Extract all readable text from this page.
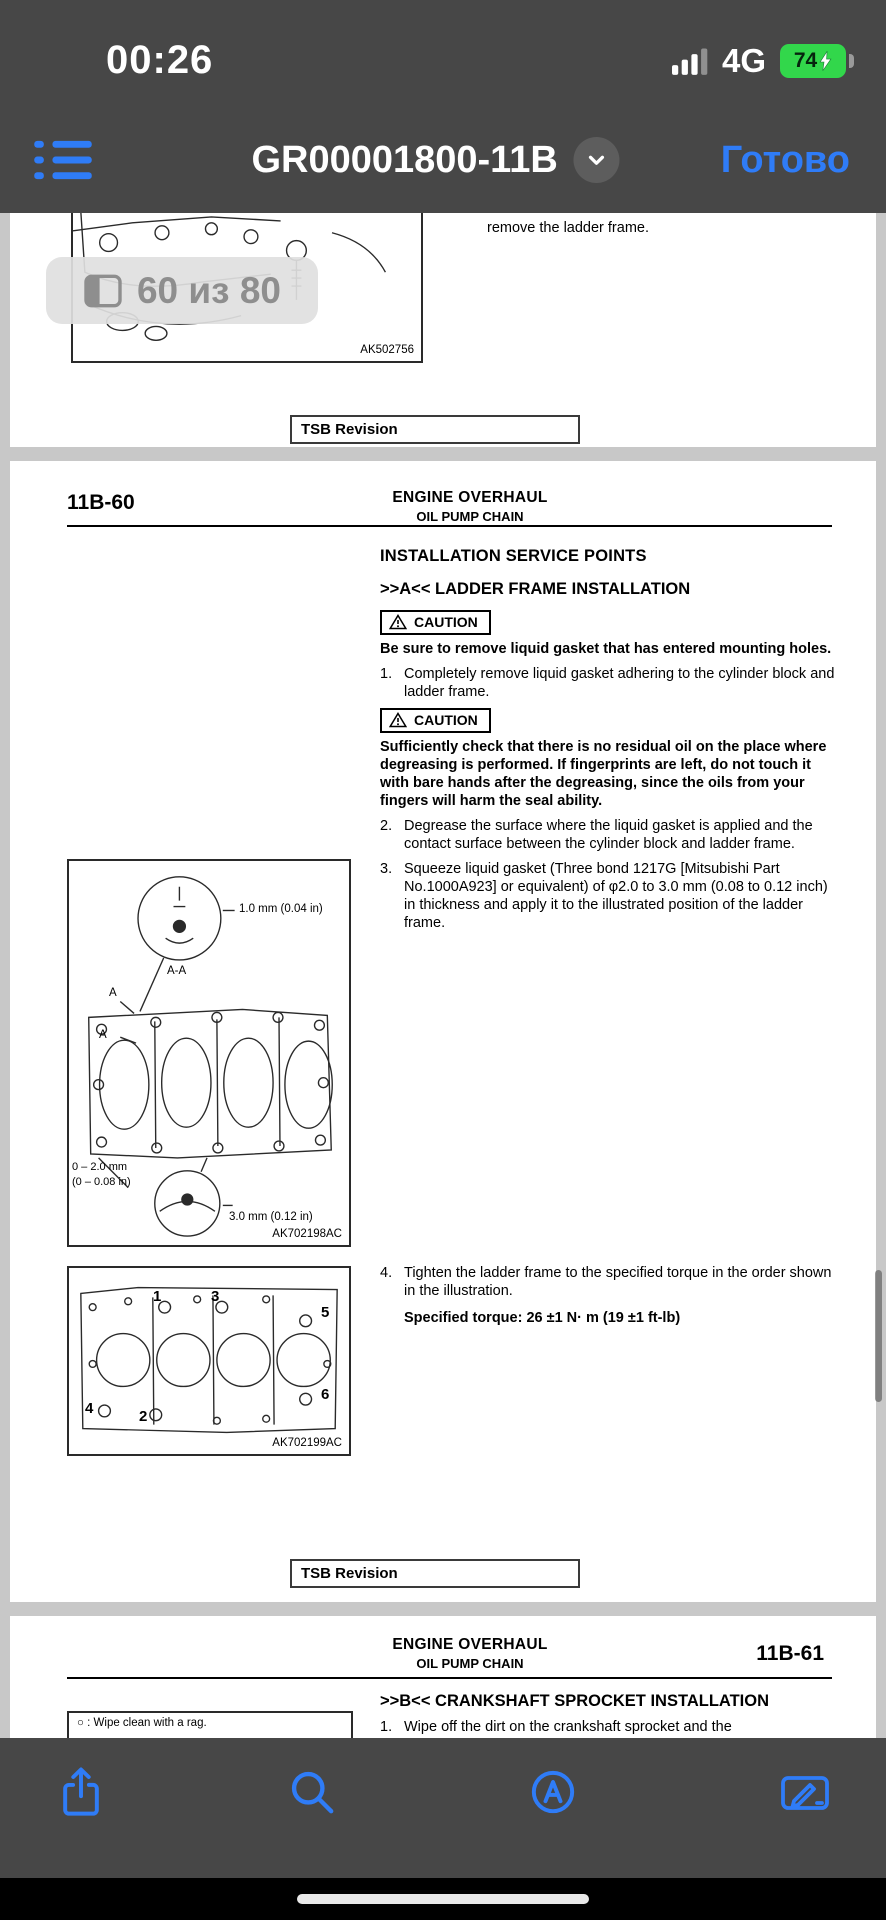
00:26	4G 74
GR00001800-11B	Готово
remove the ladder frame.
AK502756
TSB Revision
11B-60	ENGINE OVERHAUL
OIL PUMP CHAIN
INSTALLATION SERVICE POINTS
>>A<< LADDER FRAME INSTALLATION
CAUTION
Be sure to remove liquid gasket that has entered mounting holes.
1. Completely remove liquid gasket adhering to the cylinder block and ladder frame.
CAUTION
Sufficiently check that there is no residual oil on the place where degreasing is performed. If fingerprints are left, do not touch it with bare hands after the degreasing, since the oils from your fingers will harm the seal ability.
2. Degrease the surface where the liquid gasket is applied and the contact surface between the cylinder block and ladder frame.
3. Squeeze liquid gasket (Three bond 1217G [Mitsubishi Part No.1000A923] or equivalent) of φ2.0 to 3.0 mm (0.08 to 0.12 inch) in thickness and apply it to the illustrated position of the ladder frame.
4. Tighten the ladder frame to the specified torque in the order shown in the illustration.
Specified torque: 26 ±1 N· m (19 ±1 ft-lb)
1.0 mm (0.04 in)
A-A
A
A
0 – 2.0 mm
(0 – 0.08 in)
3.0 mm (0.12 in)
AK702198AC
1	3
5
4	2
6
AK702199AC
TSB Revision
ENGINE OVERHAUL
OIL PUMP CHAIN	11B-61
>>B<< CRANKSHAFT SPROCKET INSTALLATION
1. Wipe off the dirt on the crankshaft sprocket and the
○ : Wipe clean with a rag.
60 из 80
